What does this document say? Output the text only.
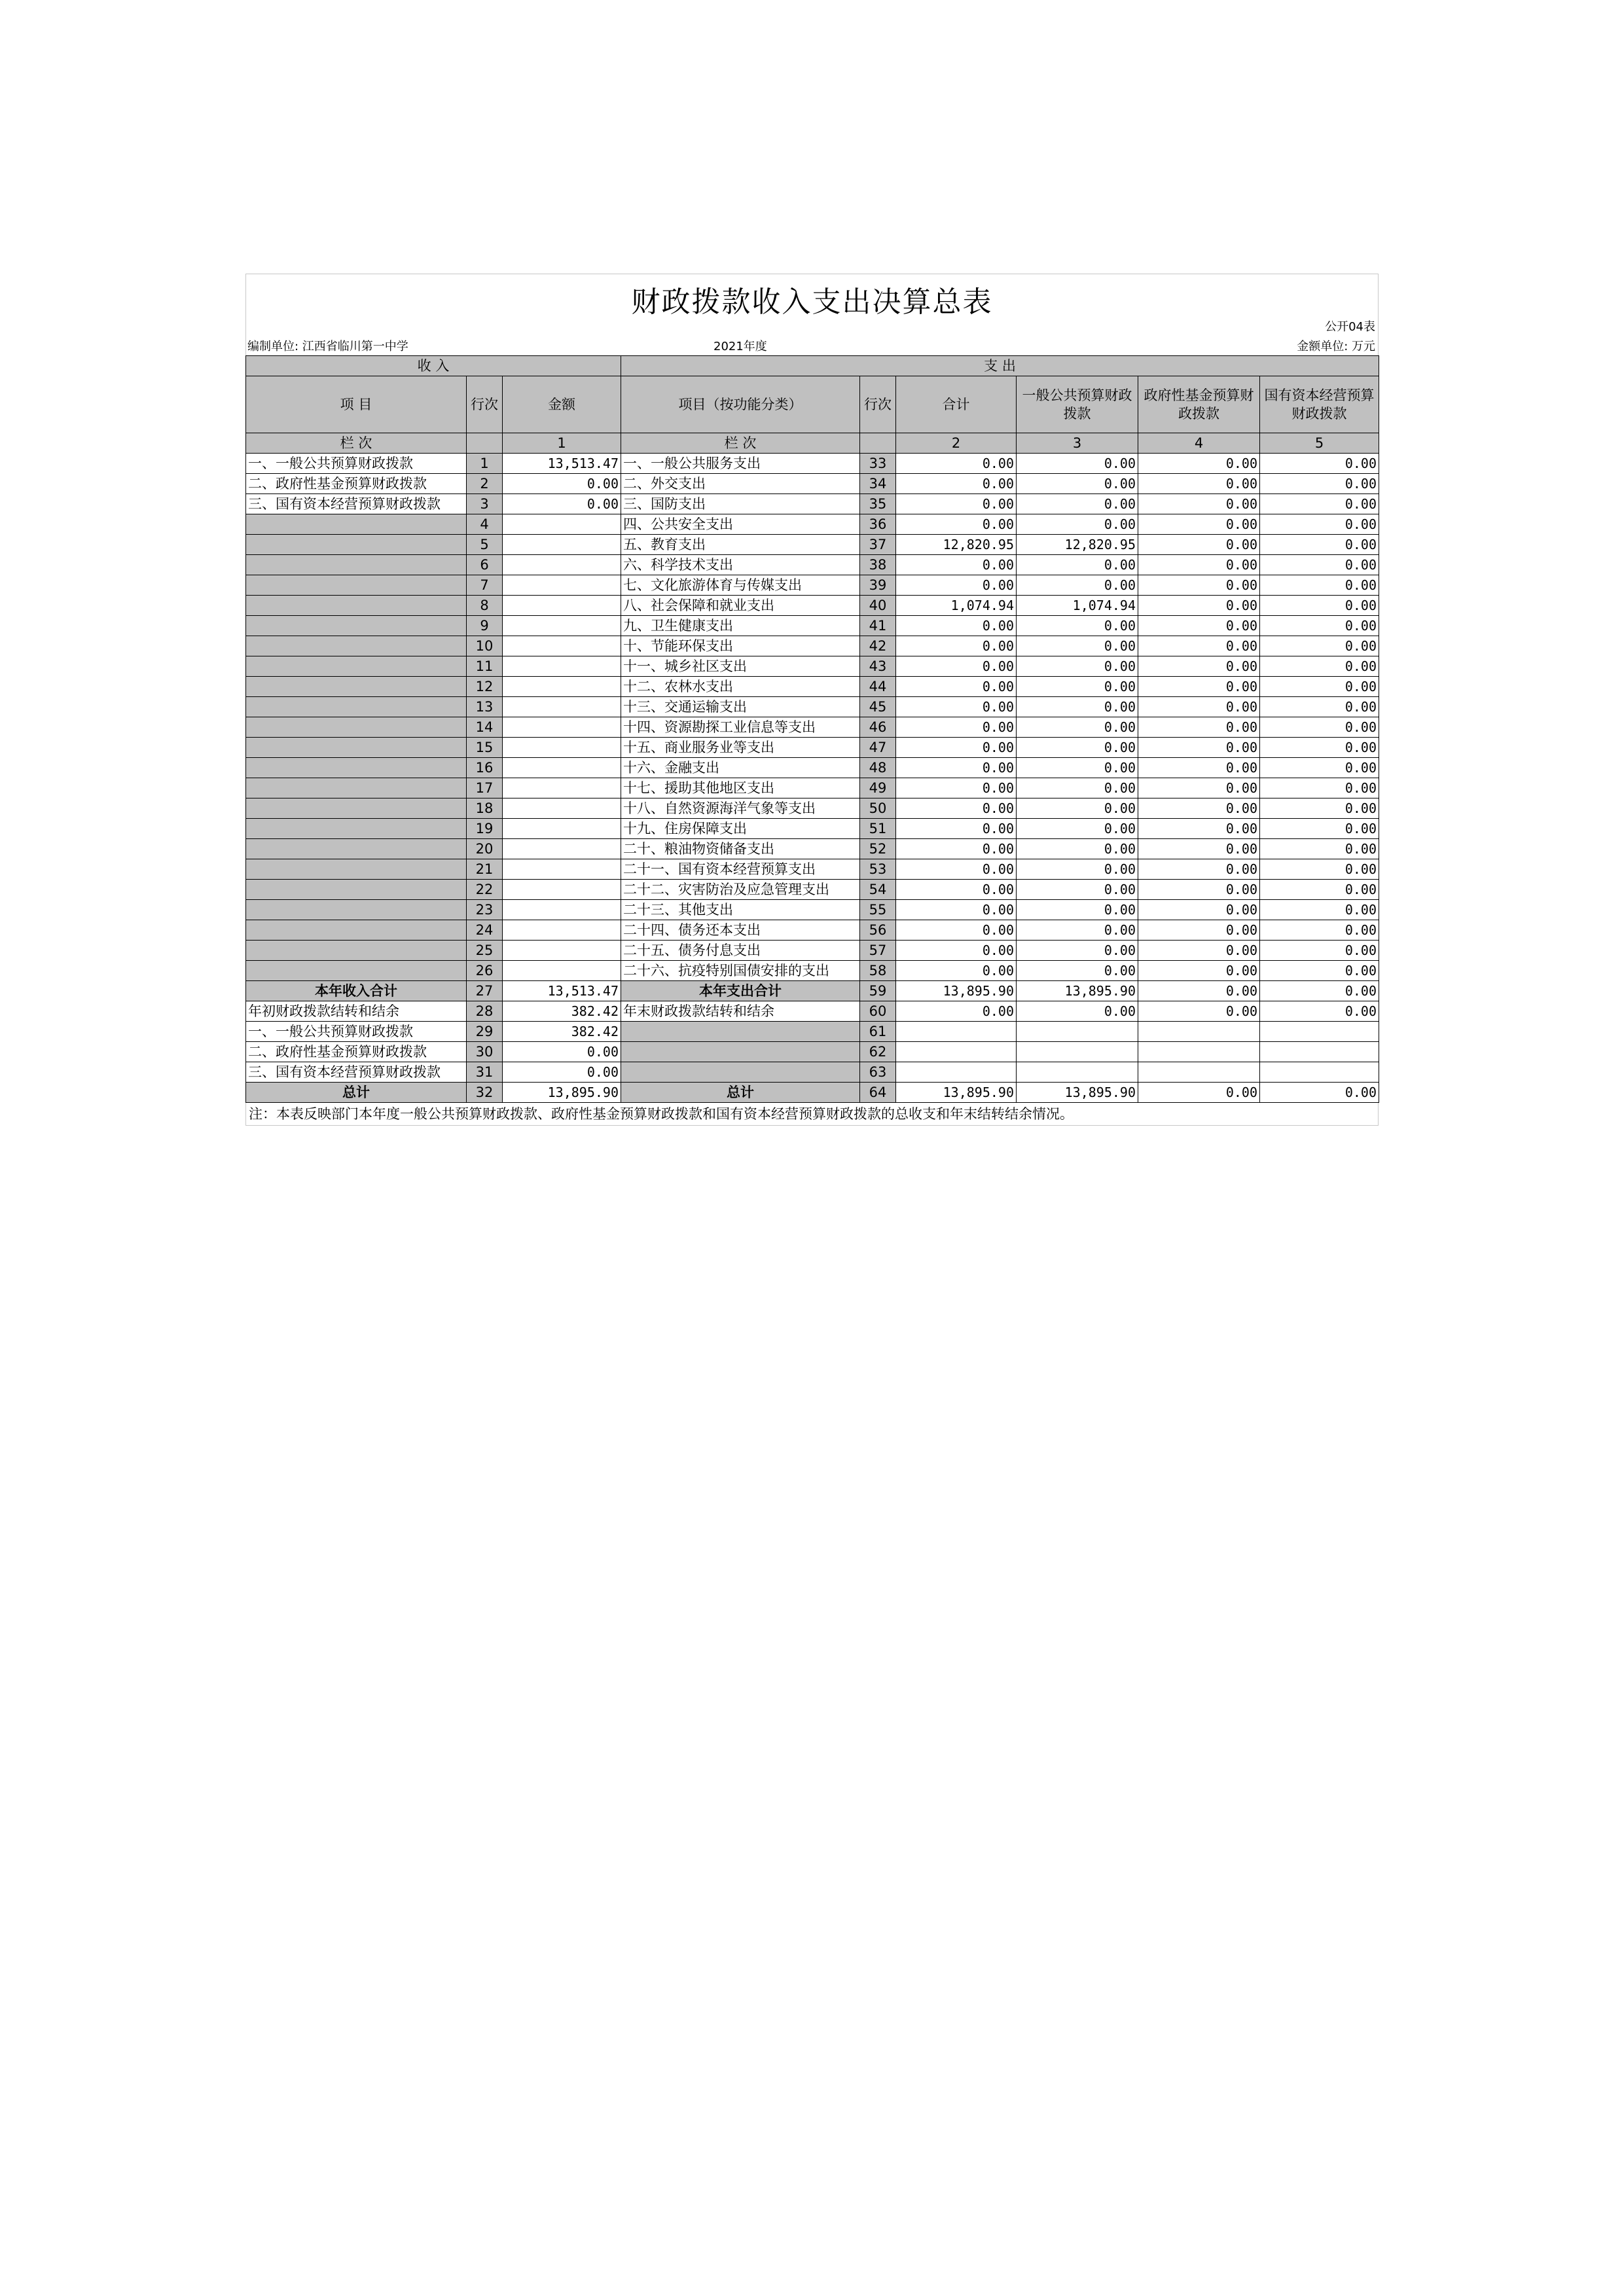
财政拨款收入支出决算总表
公开04表
编制单位: 江西省临川第一中学	2021年度	金额单位: 万元
收 入			支 出					
项 目	行次	金额	项目（按功能分类）	行次	合计	一般公共预算财政拨款	政府性基金预算财政拨款	国有资本经营预算财政拨款
栏 次		1	栏 次		2	3	4	5
一、一般公共预算财政拨款	1	13,513.47	一、一般公共服务支出	33	0.00	0.00	0.00	0.00
二、政府性基金预算财政拨款	2	0.00	二、外交支出	34	0.00	0.00	0.00	0.00
三、国有资本经营预算财政拨款	3	0.00	三、国防支出	35	0.00	0.00	0.00	0.00
	4		四、公共安全支出	36	0.00	0.00	0.00	0.00
	5		五、教育支出	37	12,820.95	12,820.95	0.00	0.00
	6		六、科学技术支出	38	0.00	0.00	0.00	0.00
	7		七、文化旅游体育与传媒支出	39	0.00	0.00	0.00	0.00
	8		八、社会保障和就业支出	40	1,074.94	1,074.94	0.00	0.00
	9		九、卫生健康支出	41	0.00	0.00	0.00	0.00
	10		十、节能环保支出	42	0.00	0.00	0.00	0.00
	11		十一、城乡社区支出	43	0.00	0.00	0.00	0.00
	12		十二、农林水支出	44	0.00	0.00	0.00	0.00
	13		十三、交通运输支出	45	0.00	0.00	0.00	0.00
	14		十四、资源勘探工业信息等支出	46	0.00	0.00	0.00	0.00
	15		十五、商业服务业等支出	47	0.00	0.00	0.00	0.00
	16		十六、金融支出	48	0.00	0.00	0.00	0.00
	17		十七、援助其他地区支出	49	0.00	0.00	0.00	0.00
	18		十八、自然资源海洋气象等支出	50	0.00	0.00	0.00	0.00
	19		十九、住房保障支出	51	0.00	0.00	0.00	0.00
	20		二十、粮油物资储备支出	52	0.00	0.00	0.00	0.00
	21		二十一、国有资本经营预算支出	53	0.00	0.00	0.00	0.00
	22		二十二、灾害防治及应急管理支出	54	0.00	0.00	0.00	0.00
	23		二十三、其他支出	55	0.00	0.00	0.00	0.00
	24		二十四、债务还本支出	56	0.00	0.00	0.00	0.00
	25		二十五、债务付息支出	57	0.00	0.00	0.00	0.00
	26		二十六、抗疫特别国债安排的支出	58	0.00	0.00	0.00	0.00
本年收入合计	27	13,513.47	本年支出合计	59	13,895.90	13,895.90	0.00	0.00
年初财政拨款结转和结余	28	382.42	年末财政拨款结转和结余	60	0.00	0.00	0.00	0.00
一、一般公共预算财政拨款	29	382.42		61				
二、政府性基金预算财政拨款	30	0.00		62				
三、国有资本经营预算财政拨款	31	0.00		63				
总计	32	13,895.90	总计	64	13,895.90	13,895.90	0.00	0.00
注：本表反映部门本年度一般公共预算财政拨款、政府性基金预算财政拨款和国有资本经营预算财政拨款的总收支和年末结转结余情况。
